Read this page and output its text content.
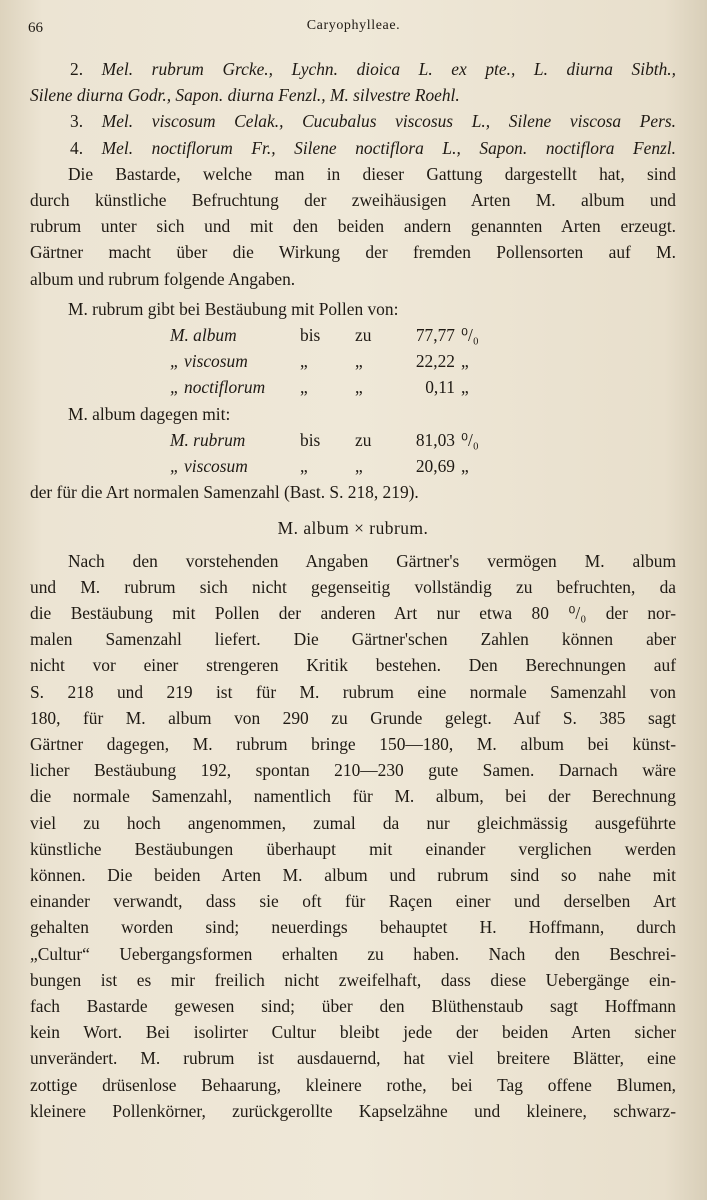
66	Caryophylleae.
2. Mel. rubrum Grcke., Lychn. dioica L. ex pte., L. diurna Sibth.,
Silene diurna Godr., Sapon. diurna Fenzl., M. silvestre Roehl.
3. Mel. viscosum Celak., Cucubalus viscosus L., Silene viscosa Pers.
4. Mel. noctiflorum Fr., Silene noctiflora L., Sapon. noctiflora Fenzl.
Die Bastarde, welche man in dieser Gattung dargestellt hat, sind
durch künstliche Befruchtung der zweihäusigen Arten M. album und
rubrum unter sich und mit den beiden andern genannten Arten erzeugt.
Gärtner macht über die Wirkung der fremden Pollensorten auf M.
album und rubrum folgende Angaben.
M. rubrum gibt bei Bestäubung mit Pollen von:
M. album	bis	zu	77,77 ⁰/₀
„ viscosum	„	„	22,22 „
„ noctiflorum	„	„	0,11 „
M. album dagegen mit:
M. rubrum	bis	zu	81,03 ⁰/₀
„ viscosum	„	„	20,69 „
der für die Art normalen Samenzahl (Bast. S. 218, 219).
M. album × rubrum.
Nach den vorstehenden Angaben Gärtner's vermögen M. album
und M. rubrum sich nicht gegenseitig vollständig zu befruchten, da
die Bestäubung mit Pollen der anderen Art nur etwa 80 ⁰/₀ der nor-
malen Samenzahl liefert. Die Gärtner'schen Zahlen können aber
nicht vor einer strengeren Kritik bestehen. Den Berechnungen auf
S. 218 und 219 ist für M. rubrum eine normale Samenzahl von
180, für M. album von 290 zu Grunde gelegt. Auf S. 385 sagt
Gärtner dagegen, M. rubrum bringe 150—180, M. album bei künst-
licher Bestäubung 192, spontan 210—230 gute Samen. Darnach wäre
die normale Samenzahl, namentlich für M. album, bei der Berechnung
viel zu hoch angenommen, zumal da nur gleichmässig ausgeführte
künstliche Bestäubungen überhaupt mit einander verglichen werden
können. Die beiden Arten M. album und rubrum sind so nahe mit
einander verwandt, dass sie oft für Raçen einer und derselben Art
gehalten worden sind; neuerdings behauptet H. Hoffmann, durch
„Cultur“ Uebergangsformen erhalten zu haben. Nach den Beschrei-
bungen ist es mir freilich nicht zweifelhaft, dass diese Uebergänge ein-
fach Bastarde gewesen sind; über den Blüthenstaub sagt Hoffmann
kein Wort. Bei isolirter Cultur bleibt jede der beiden Arten sicher
unverändert. M. rubrum ist ausdauernd, hat viel breitere Blätter, eine
zottige drüsenlose Behaarung, kleinere rothe, bei Tag offene Blumen,
kleinere Pollenkörner, zurückgerollte Kapselzähne und kleinere, schwarz-
